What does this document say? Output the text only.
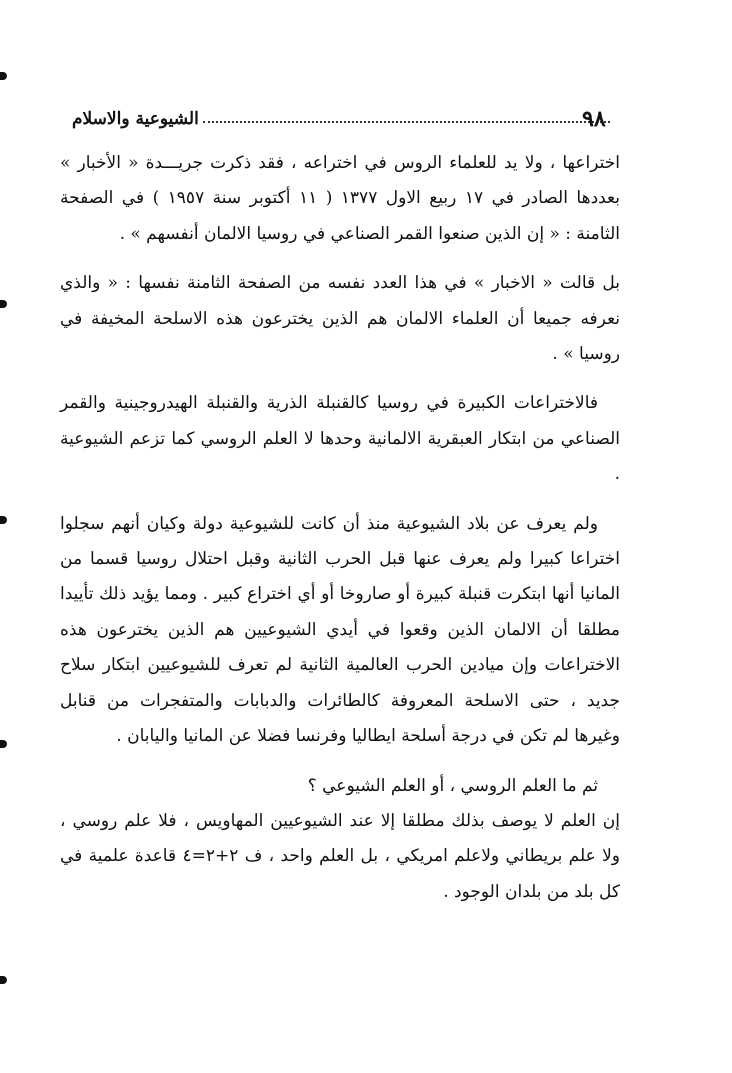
الشيوعية والاسلام	٩٨

اختراعها ، ولا يد للعلماء الروس في اختراعه ، فقد ذكرت جريـــدة « الأخبار » بعددها الصادر في ١٧ ربيع الاول ١٣٧٧ ( ١١ أكتوبر سنة ١٩٥٧ ) في الصفحة الثامنة : « إن الذين صنعوا القمر الصناعي في روسيا الالمان أنفسهم » .

بل قالت « الاخبار » في هذا العدد نفسه من الصفحة الثامنة نفسها : « والذي نعرفه جميعا أن العلماء الالمان هم الذين يخترعون هذه الاسلحة المخيفة في روسيا » .

فالاختراعات الكبيرة في روسيا كالقنبلة الذرية والقنبلة الهيدروجينية والقمر الصناعي من ابتكار العبقرية الالمانية وحدها لا العلم الروسي كما تزعم الشيوعية .

ولم يعرف عن بلاد الشيوعية منذ أن كانت للشيوعية دولة وكيان أنهم سجلوا اختراعا كبيرا ولم يعرف عنها قبل الحرب الثانية وقبل احتلال روسيا قسما من المانيا أنها ابتكرت قنبلة كبيرة أو صاروخا أو أي اختراع كبير . ومما يؤيد ذلك تأييدا مطلقا أن الالمان الذين وقعوا في أيدي الشيوعيين هم الذين يخترعون هذه الاختراعات وإن ميادين الحرب العالمية الثانية لم تعرف للشيوعيين ابتكار سلاح جديد ، حتى الاسلحة المعروفة كالطائرات والدبابات والمتفجرات من قنابل وغيرها لم تكن في درجة أسلحة ايطاليا وفرنسا فضلا عن المانيا واليابان .

ثم ما العلم الروسي ، أو العلم الشيوعي ؟

إن العلم لا يوصف بذلك مطلقا إلا عند الشيوعيين المهاويس ، فلا علم روسي ، ولا علم بريطاني ولاعلم امريكي ، بل العلم واحد ، ف ٢+٢=٤ قاعدة علمية في كل بلد من بلدان الوجود .
